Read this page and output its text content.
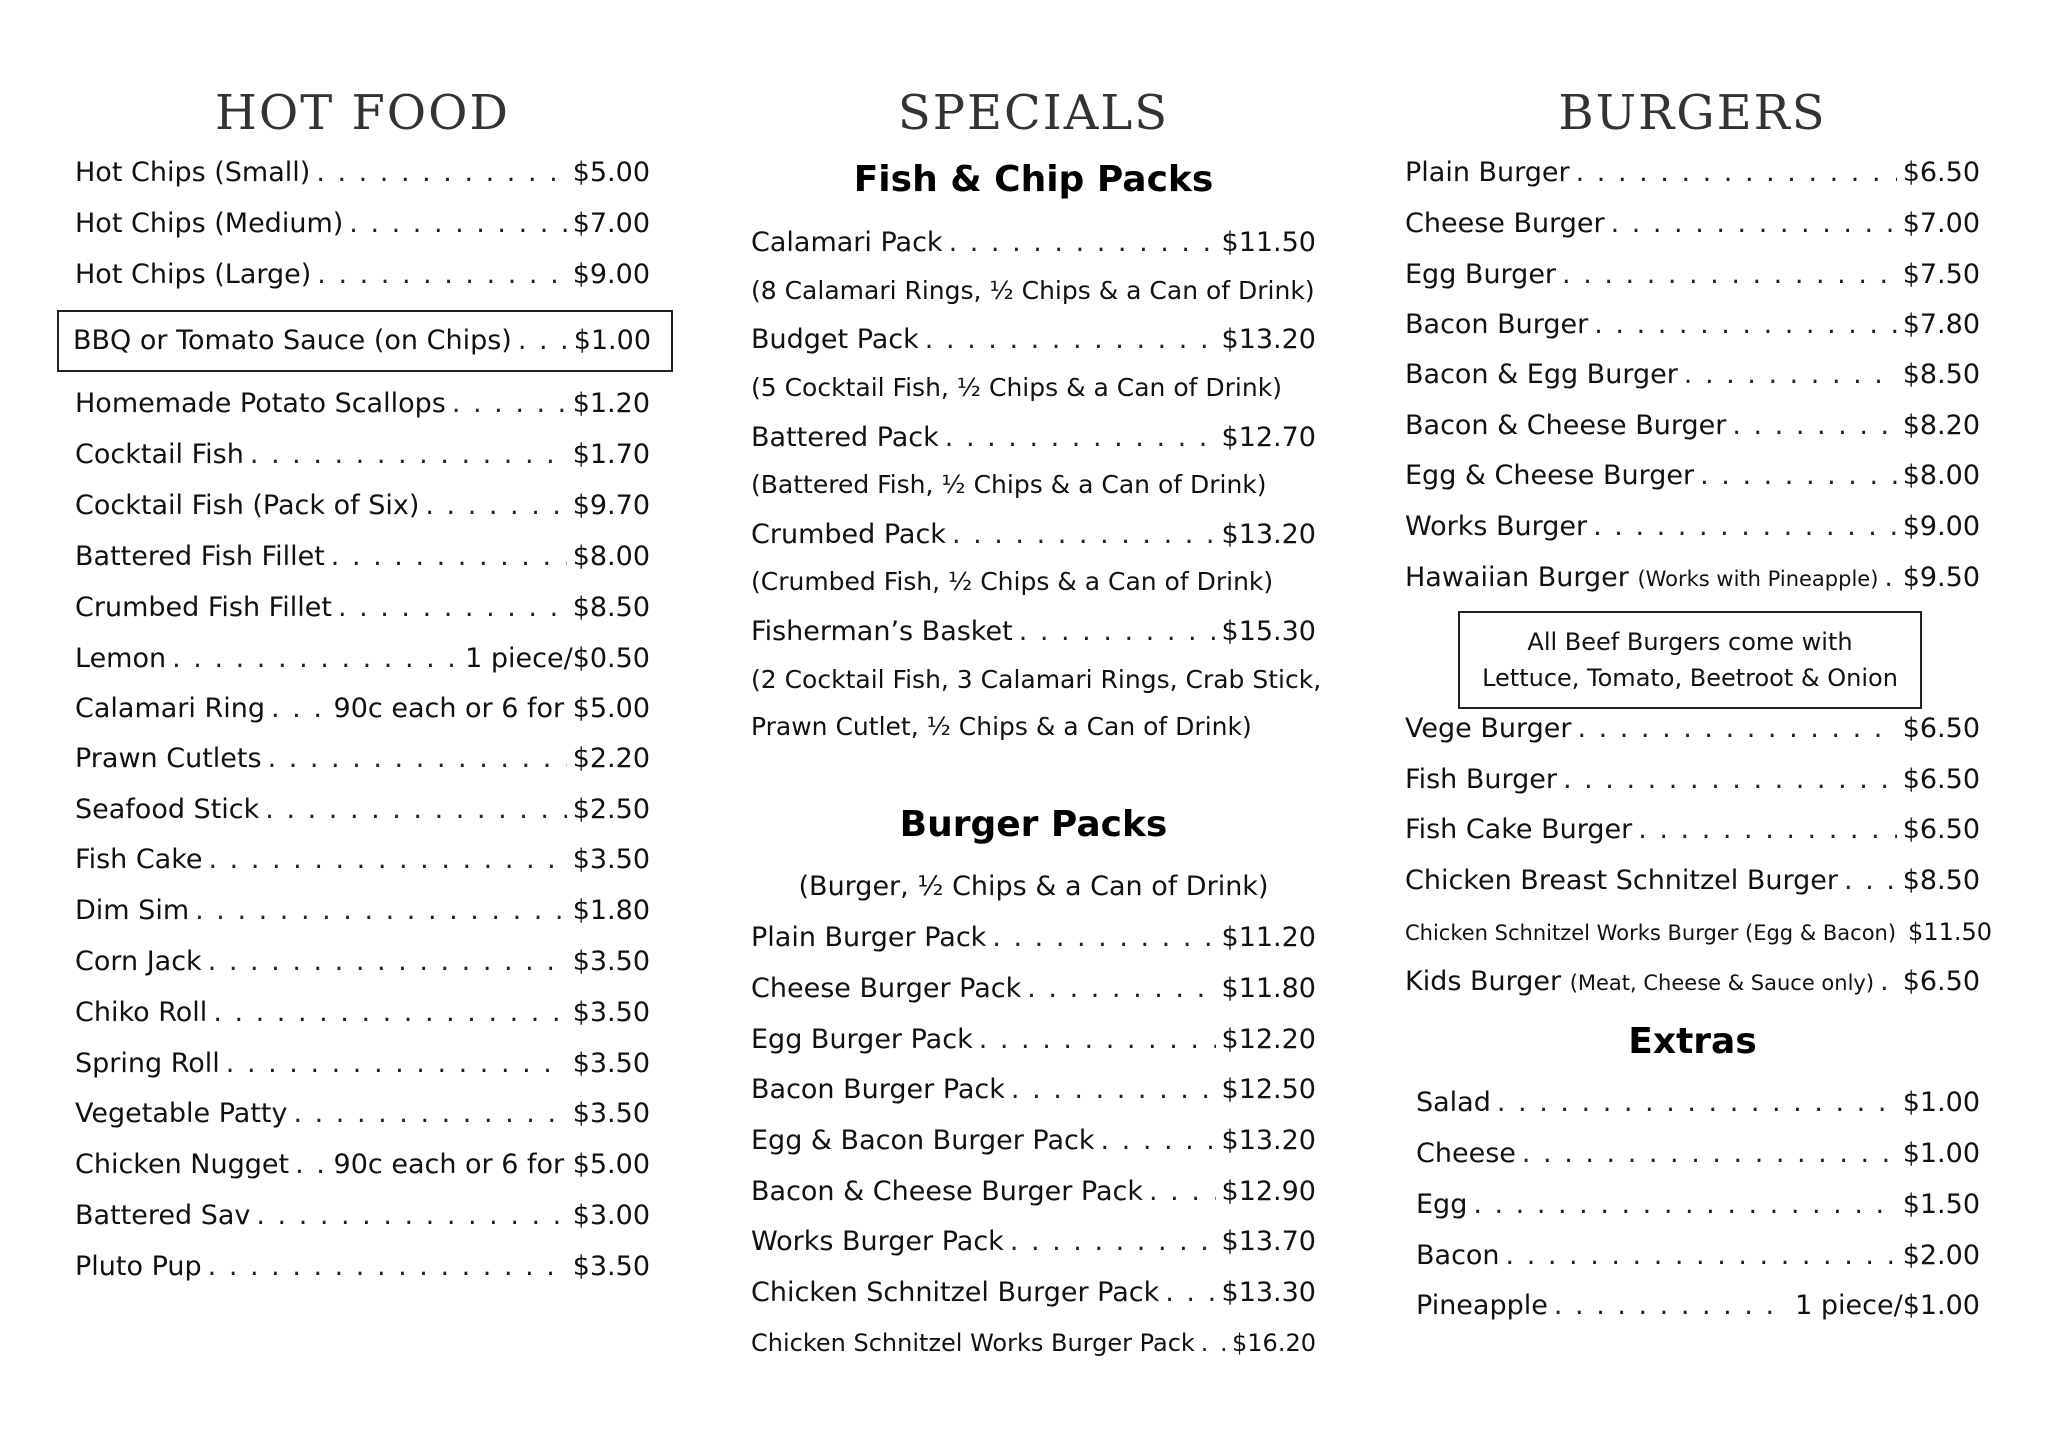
HOT FOOD
Hot Chips (Small) . . .	$5.00
Hot Chips (Medium) . . .	$7.00
Hot Chips (Large) . . .	$9.00
BBQ or Tomato Sauce (on Chips) . . . $1.00
Homemade Potato Scallops . . .	$1.20
Cocktail Fish . . .	$1.70
Cocktail Fish (Pack of Six) . . .	$9.70
Battered Fish Fillet . . .	$8.00
Crumbed Fish Fillet . . .	$8.50
Lemon . . .	1 piece/$0.50
Calamari Ring . . .	90c each or 6 for $5.00
Prawn Cutlets . . .	$2.20
Seafood Stick . . .	$2.50
Fish Cake . . .	$3.50
Dim Sim . . .	$1.80
Corn Jack . . .	$3.50
Chiko Roll . . .	$3.50
Spring Roll . . .	$3.50
Vegetable Patty . . .	$3.50
Chicken Nugget . . . 90c each or 6 for $5.00
Battered Sav . . .	$3.00
Pluto Pup . . .	$3.50
SPECIALS
Fish & Chip Packs
Calamari Pack . . .	$11.50
(8 Calamari Rings, ½ Chips & a Can of Drink)
Budget Pack . . .	$13.20
(5 Cocktail Fish, ½ Chips & a Can of Drink)
Battered Pack . . .	$12.70
(Battered Fish, ½ Chips & a Can of Drink)
Crumbed Pack . . .	$13.20
(Crumbed Fish, ½ Chips & a Can of Drink)
Fisherman’s Basket . . .	$15.30
(2 Cocktail Fish, 3 Calamari Rings, Crab Stick,
Prawn Cutlet, ½ Chips & a Can of Drink)
Burger Packs
(Burger, ½ Chips & a Can of Drink)
Plain Burger Pack . . .	$11.20
Cheese Burger Pack . . .	$11.80
Egg Burger Pack . . .	$12.20
Bacon Burger Pack . . .	$12.50
Egg & Bacon Burger Pack . . .	$13.20
Bacon & Cheese Burger Pack . . .	$12.90
Works Burger Pack . . .	$13.70
Chicken Schnitzel Burger Pack . . . $13.30
Chicken Schnitzel Works Burger Pack . . . $16.20
BURGERS
Plain Burger . . .	$6.50
Cheese Burger . . .	$7.00
Egg Burger . . .	$7.50
Bacon Burger . . .	$7.80
Bacon & Egg Burger . . .	$8.50
Bacon & Cheese Burger . . .	$8.20
Egg & Cheese Burger . . .	$8.00
Works Burger . . .	$9.00
Hawaiian Burger (Works with Pineapple) . . . $9.50
All Beef Burgers come with
Lettuce, Tomato, Beetroot & Onion
Vege Burger . . .	$6.50
Fish Burger . . .	$6.50
Fish Cake Burger . . .	$6.50
Chicken Breast Schnitzel Burger . . . $8.50
Chicken Schnitzel Works Burger (Egg & Bacon) $11.50
Kids Burger (Meat, Cheese & Sauce only) . . . $6.50
Extras
Salad . . .	$1.00
Cheese . . .	$1.00
Egg . . .	$1.50
Bacon . . .	$2.00
Pineapple . . .	1 piece/$1.00
